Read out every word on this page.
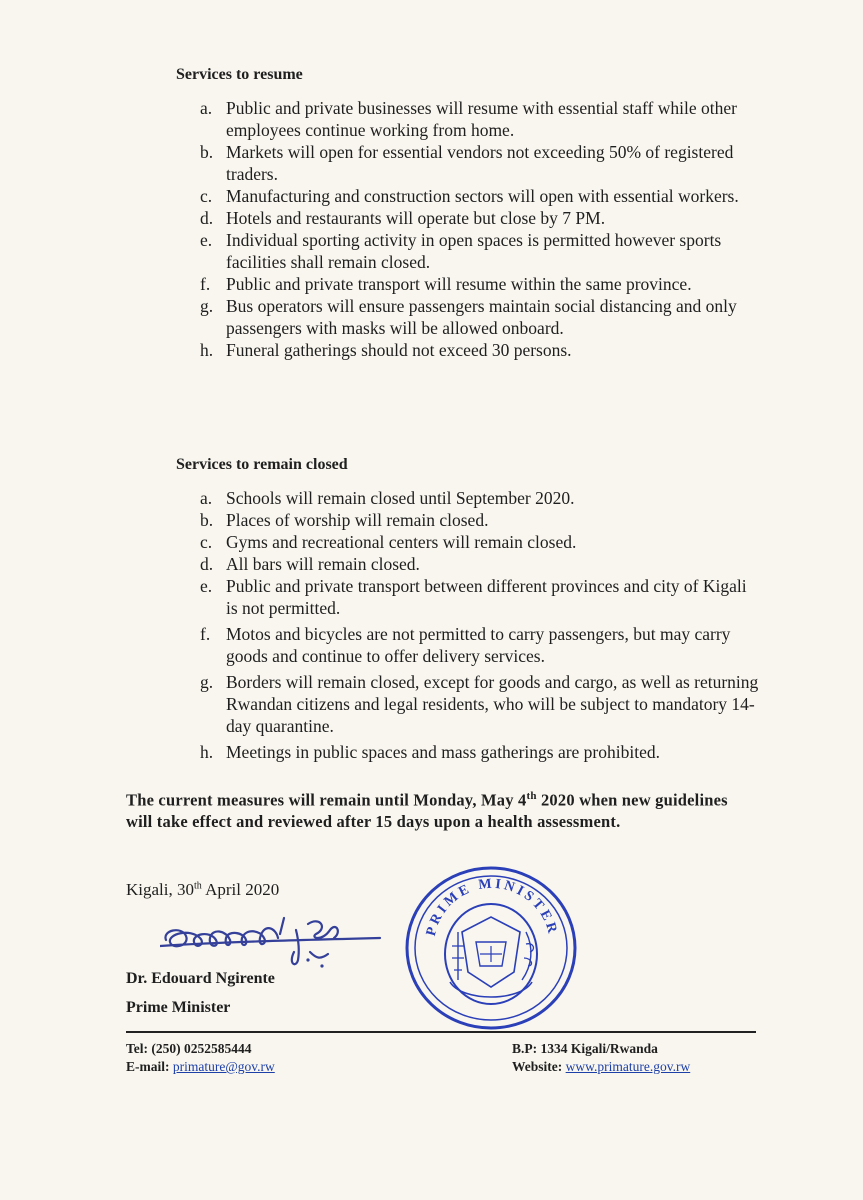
Services to resume
a. Public and private businesses will resume with essential staff while other employees continue working from home.
b. Markets will open for essential vendors not exceeding 50% of registered traders.
c. Manufacturing and construction sectors will open with essential workers.
d. Hotels and restaurants will operate but close by 7 PM.
e. Individual sporting activity in open spaces is permitted however sports facilities shall remain closed.
f. Public and private transport will resume within the same province.
g. Bus operators will ensure passengers maintain social distancing and only passengers with masks will be allowed onboard.
h. Funeral gatherings should not exceed 30 persons.
Services to remain closed
a. Schools will remain closed until September 2020.
b. Places of worship will remain closed.
c. Gyms and recreational centers will remain closed.
d. All bars will remain closed.
e. Public and private transport between different provinces and city of Kigali is not permitted.
f. Motos and bicycles are not permitted to carry passengers, but may carry goods and continue to offer delivery services.
g. Borders will remain closed, except for goods and cargo, as well as returning Rwandan citizens and legal residents, who will be subject to mandatory 14-day quarantine.
h. Meetings in public spaces and mass gatherings are prohibited.

The current measures will remain until Monday, May 4th 2020 when new guidelines will take effect and reviewed after 15 days upon a health assessment.

Kigali, 30th April 2020
Dr. Edouard Ngirente
Prime Minister
PRIME MINISTER
Tel: (250) 0252585444
E-mail: primature@gov.rw
B.P: 1334 Kigali/Rwanda
Website: www.primature.gov.rw
